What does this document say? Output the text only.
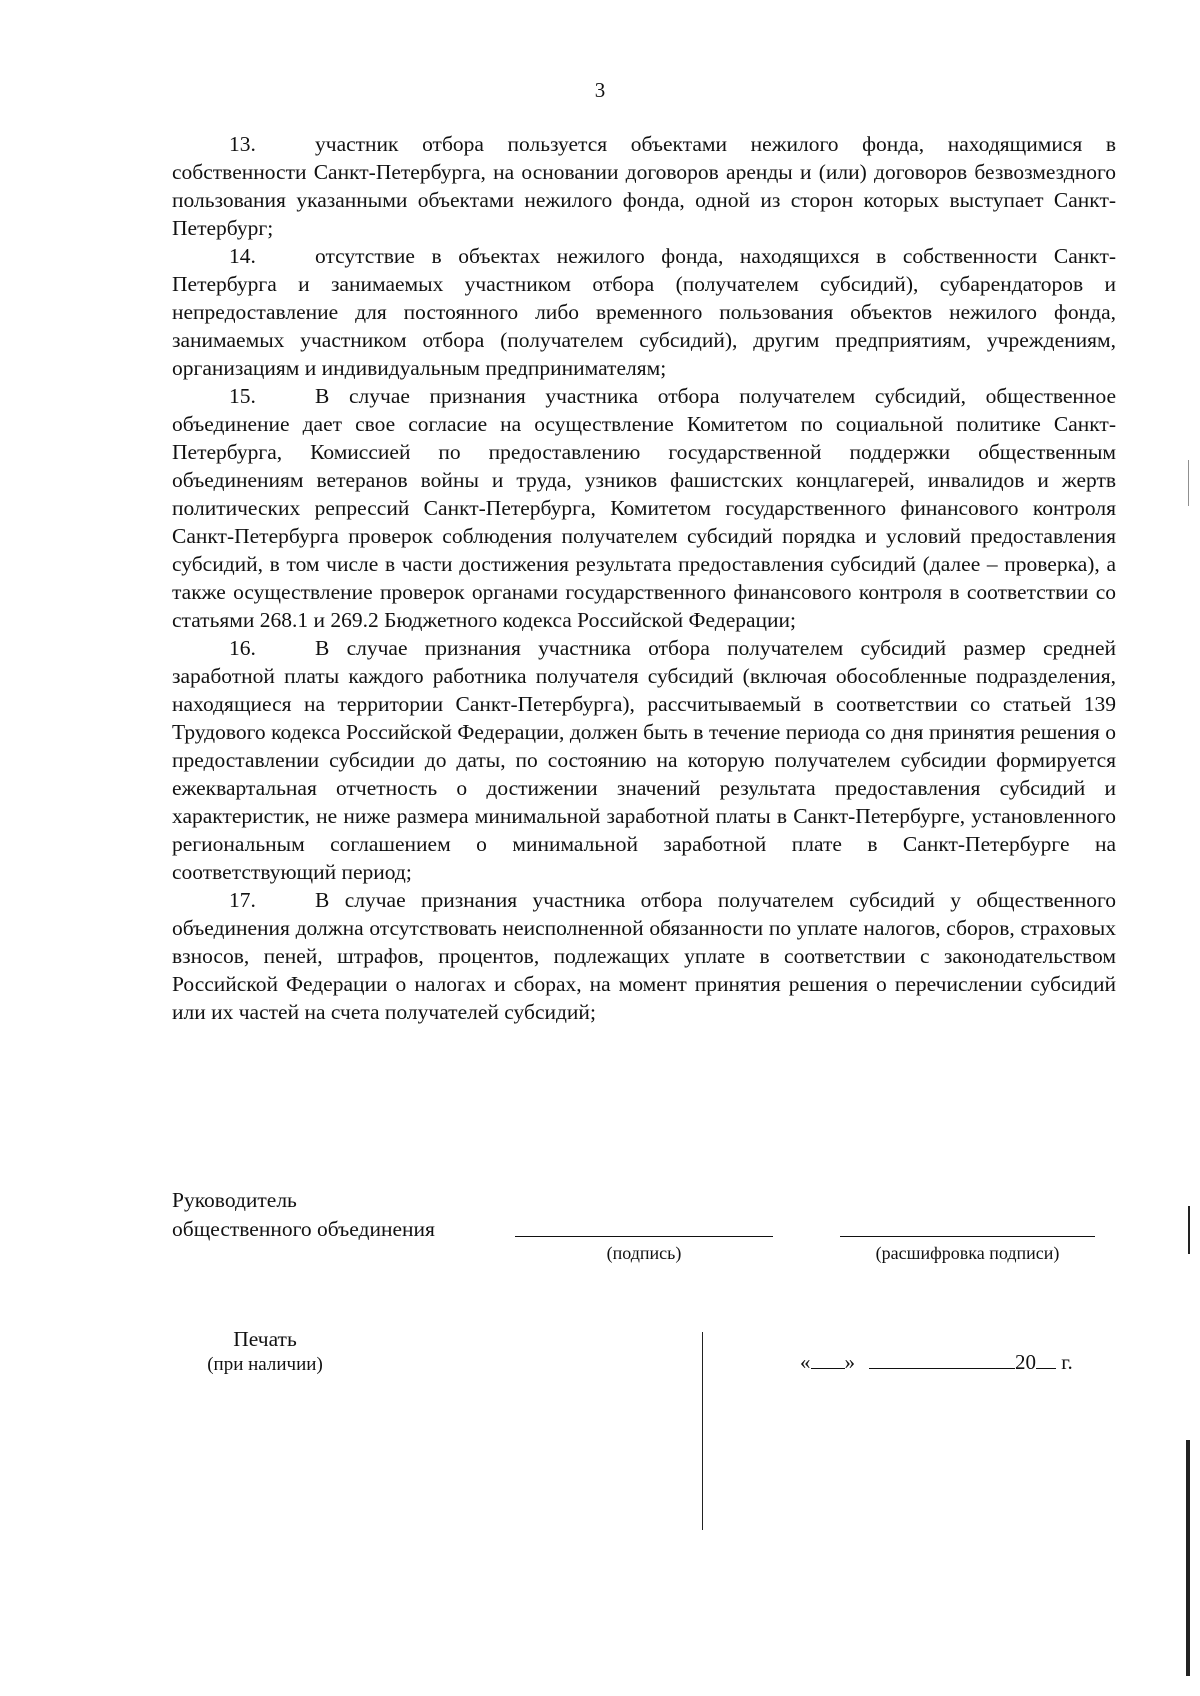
3

13.	участник отбора пользуется объектами нежилого фонда, находящимися в собственности Санкт-Петербурга, на основании договоров аренды и (или) договоров безвозмездного пользования указанными объектами нежилого фонда, одной из сторон которых выступает Санкт-Петербург;

14.	отсутствие в объектах нежилого фонда, находящихся в собственности Санкт-Петербурга и занимаемых участником отбора (получателем субсидий), субарендаторов и непредоставление для постоянного либо временного пользования объектов нежилого фонда, занимаемых участником отбора (получателем субсидий), другим предприятиям, учреждениям, организациям и индивидуальным предпринимателям;

15.	В случае признания участника отбора получателем субсидий, общественное объединение дает свое согласие на осуществление Комитетом по социальной политике Санкт-Петербурга, Комиссией по предоставлению государственной поддержки общественным объединениям ветеранов войны и труда, узников фашистских концлагерей, инвалидов и жертв политических репрессий Санкт-Петербурга, Комитетом государственного финансового контроля Санкт-Петербурга проверок соблюдения получателем субсидий порядка и условий предоставления субсидий, в том числе в части достижения результата предоставления субсидий (далее – проверка), а также осуществление проверок органами государственного финансового контроля в соответствии со статьями 268.1 и 269.2 Бюджетного кодекса Российской Федерации;

16.	В случае признания участника отбора получателем субсидий размер средней заработной платы каждого работника получателя субсидий (включая обособленные подразделения, находящиеся на территории Санкт-Петербурга), рассчитываемый в соответствии со статьей 139 Трудового кодекса Российской Федерации, должен быть в течение периода со дня принятия решения о предоставлении субсидии до даты, по состоянию на которую получателем субсидии формируется ежеквартальная отчетность о достижении значений результата предоставления субсидий и характеристик, не ниже размера минимальной заработной платы в Санкт-Петербурге, установленного региональным соглашением о минимальной заработной плате в Санкт-Петербурге на соответствующий период;

17.	В случае признания участника отбора получателем субсидий у общественного объединения должна отсутствовать неисполненной обязанности по уплате налогов, сборов, страховых взносов, пеней, штрафов, процентов, подлежащих уплате в соответствии с законодательством Российской Федерации о налогах и сборах, на момент принятия решения о перечислении субсидий или их частей на счета получателей субсидий;

Руководитель
общественного объединения
(подпись)	(расшифровка подписи)
Печать
(при наличии)	« »	20 г.
